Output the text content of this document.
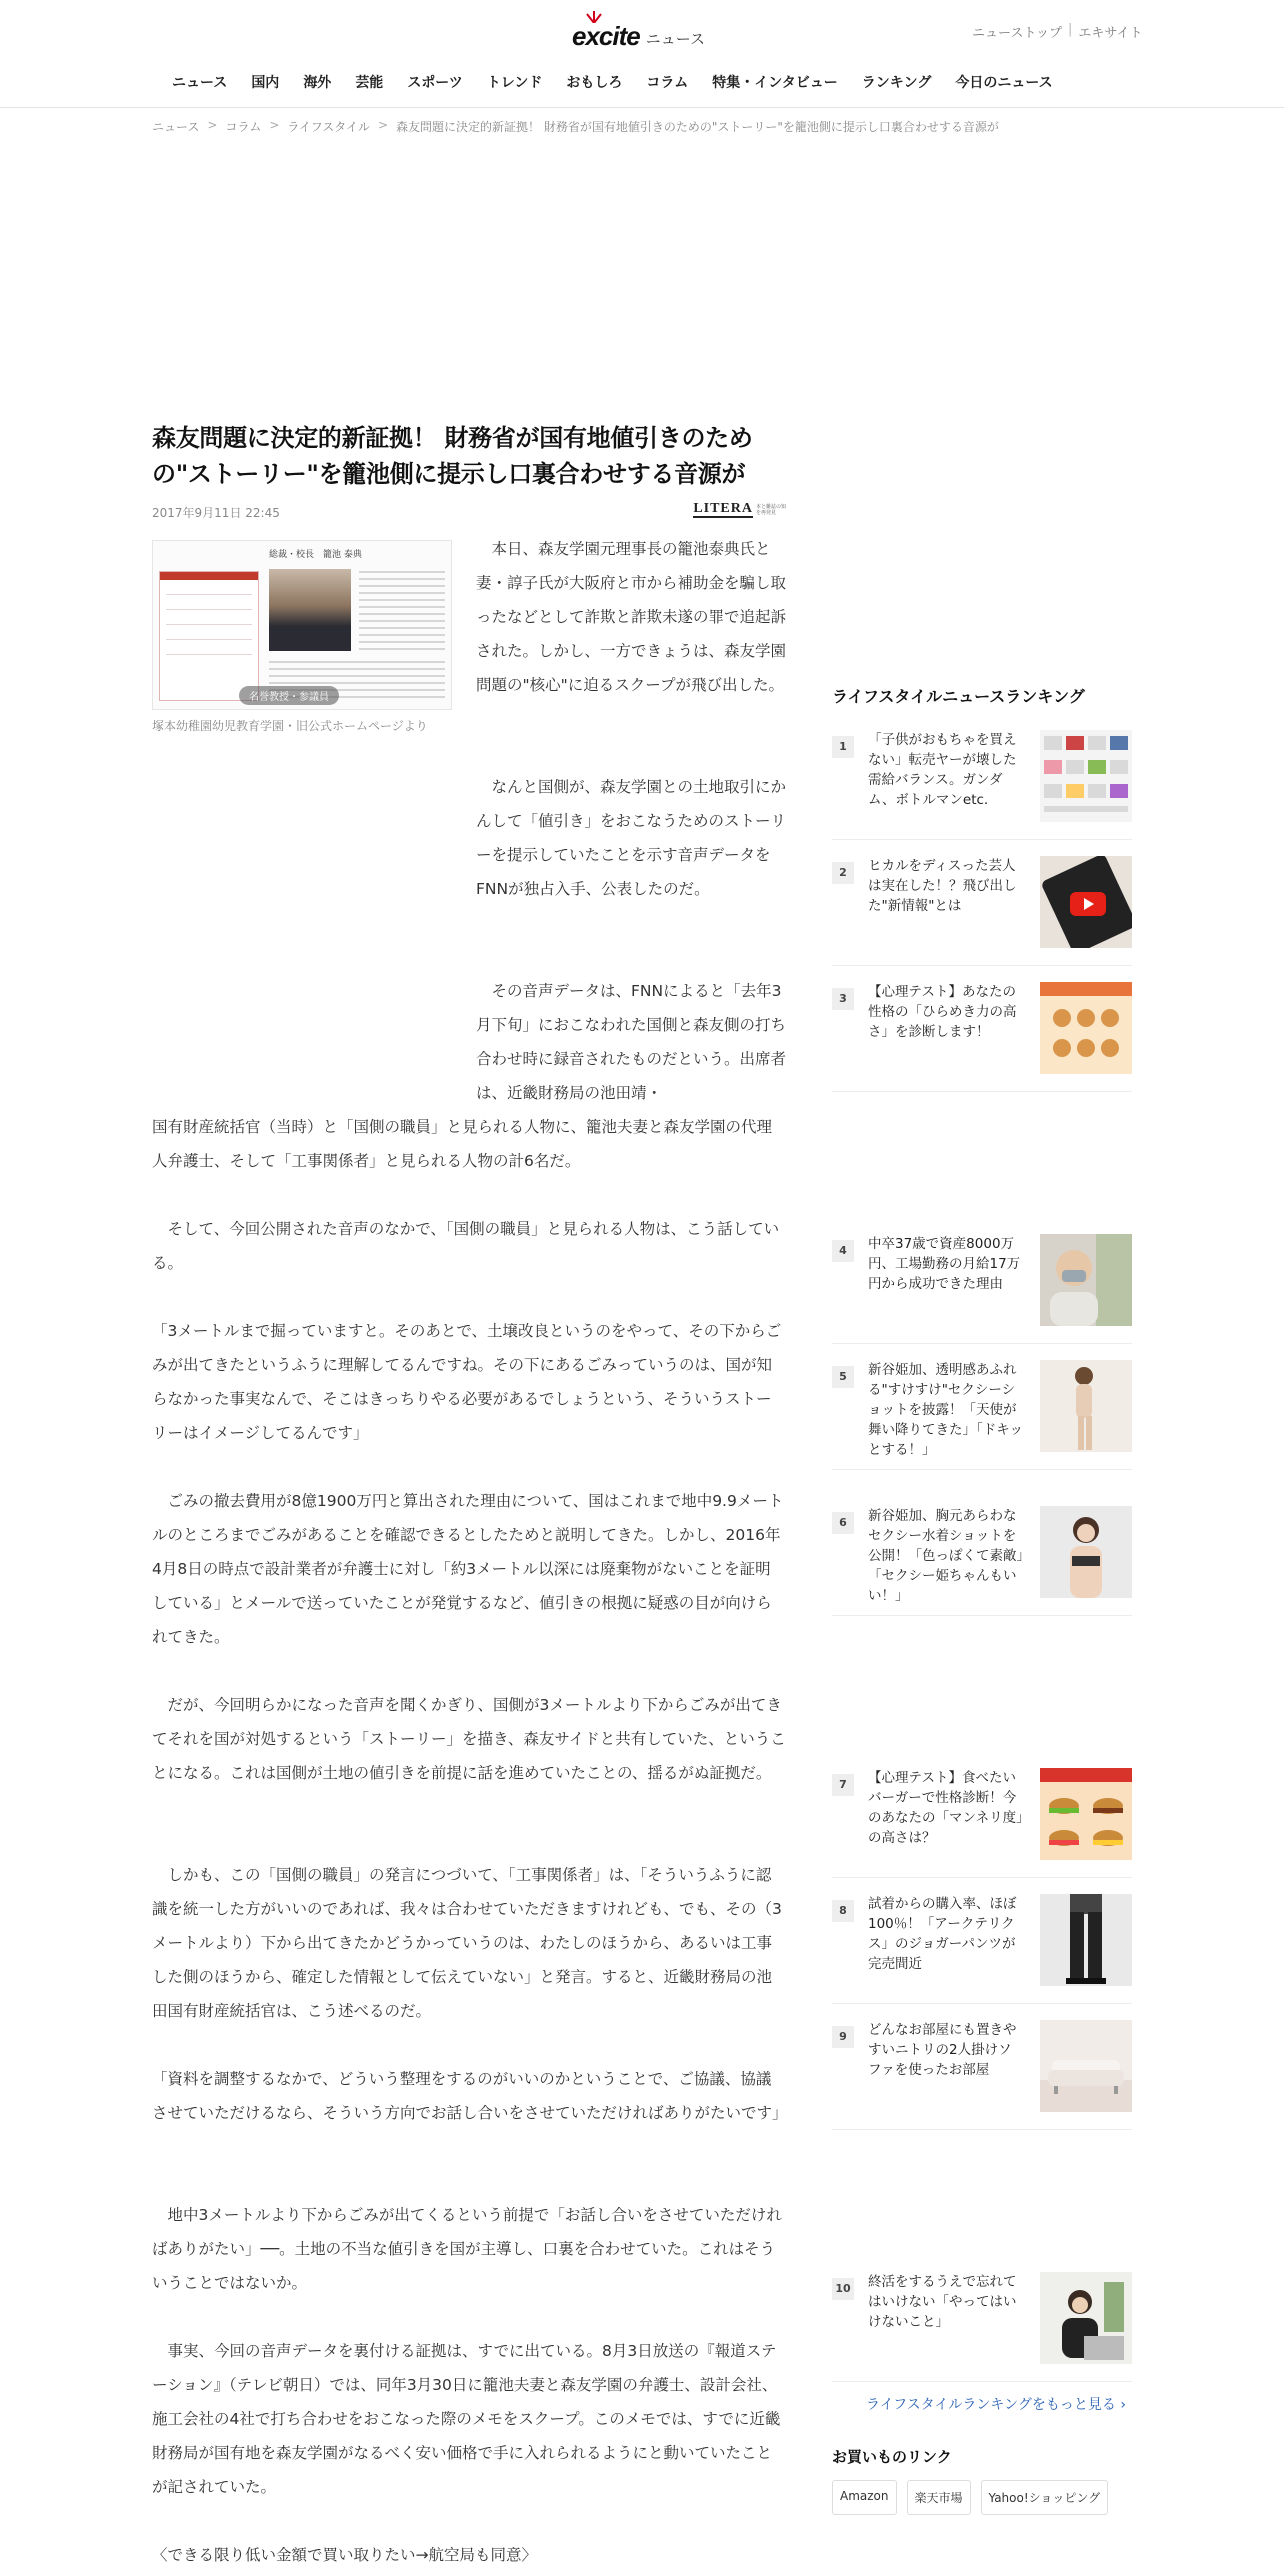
excite ニュース	ニューストップ | エキサイト
ニュース	国内	海外	芸能	スポーツ	トレンド	おもしろ	コラム	特集・インタビュー	ランキング	今日のニュース
ニュース > コラム > ライフスタイル > 森友問題に決定的新証拠！ 財務省が国有地値引きのための"ストーリー"を籠池側に提示し口裏合わせする音源が
森友問題に決定的新証拠！ 財務省が国有地値引きのための"ストーリー"を籠池側に提示し口裏合わせする音源が
2017年9月11日 22:45	LITERA 本と雑誌の知を再発見
総裁・校長　籠池 泰典
名誉教授・参議員
塚本幼稚園幼児教育学園・旧公式ホームページより

　本日、森友学園元理事長の籠池泰典氏と妻・諄子氏が大阪府と市から補助金を騙し取ったなどとして詐欺と詐欺未遂の罪で追起訴された。しかし、一方できょうは、森友学園問題の"核心"に迫るスクープが飛び出した。

　なんと国側が、森友学園との土地取引にかんして「値引き」をおこなうためのストーリーを提示していたことを示す音声データをFNNが独占入手、公表したのだ。

　その音声データは、FNNによると「去年3月下旬」におこなわれた国側と森友側の打ち合わせ時に録音されたものだという。出席者は、近畿財務局の池田靖・

国有財産統括官（当時）と「国側の職員」と見られる人物に、籠池夫妻と森友学園の代理人弁護士、そして「工事関係者」と見られる人物の計6名だ。

　そして、今回公開された音声のなかで、「国側の職員」と見られる人物は、こう話している。

「3メートルまで掘っていますと。そのあとで、土壌改良というのをやって、その下からごみが出てきたというふうに理解してるんですね。その下にあるごみっていうのは、国が知らなかった事実なんで、そこはきっちりやる必要があるでしょうという、そういうストーリーはイメージしてるんです」

　ごみの撤去費用が8億1900万円と算出された理由について、国はこれまで地中9.9メートルのところまでごみがあることを確認できるとしたためと説明してきた。しかし、2016年4月8日の時点で設計業者が弁護士に対し「約3メートル以深には廃棄物がないことを証明している」とメールで送っていたことが発覚するなど、値引きの根拠に疑惑の目が向けられてきた。

　だが、今回明らかになった音声を聞くかぎり、国側が3メートルより下からごみが出てきてそれを国が対処するという「ストーリー」を描き、森友サイドと共有していた、ということになる。これは国側が土地の値引きを前提に話を進めていたことの、揺るがぬ証拠だ。

　しかも、この「国側の職員」の発言につづいて、「工事関係者」は、「そういうふうに認識を統一した方がいいのであれば、我々は合わせていただきますけれども、でも、その（3メートルより）下から出てきたかどうかっていうのは、わたしのほうから、あるいは工事した側のほうから、確定した情報として伝えていない」と発言。すると、近畿財務局の池田国有財産統括官は、こう述べるのだ。

「資料を調整するなかで、どういう整理をするのがいいのかということで、ご協議、協議させていただけるなら、そういう方向でお話し合いをさせていただければありがたいです」

　地中3メートルより下からごみが出てくるという前提で「お話し合いをさせていただければありがたい」──。土地の不当な値引きを国が主導し、口裏を合わせていた。これはそういうことではないか。

　事実、今回の音声データを裏付ける証拠は、すでに出ている。8月3日放送の『報道ステーション』（テレビ朝日）では、同年3月30日に籠池夫妻と森友学園の弁護士、設計会社、施工会社の4社で打ち合わせをおこなった際のメモをスクープ。このメモでは、すでに近畿財務局が国有地を森友学園がなるべく安い価格で手に入れられるようにと動いていたことが記されていた。

〈できる限り低い金額で買い取りたい→航空局も同意〉

ライフスタイルニュースランキング
1	「子供がおもちゃを買えない」転売ヤーが壊した需給バランス。ガンダム、ボトルマンetc.
2	ヒカルをディスった芸人は実在した！？飛び出した"新情報"とは
3	【心理テスト】あなたの性格の「ひらめき力の高さ」を診断します！
4	中卒37歳で資産8000万円、工場勤務の月給17万円から成功できた理由
5	新谷姫加、透明感あふれる"すけすけ"セクシーショットを披露！「天使が舞い降りてきた」「ドキッとする！」
6	新谷姫加、胸元あらわなセクシー水着ショットを公開！「色っぽくて素敵」「セクシー姫ちゃんもいい！」
7	【心理テスト】食べたいバーガーで性格診断！今のあなたの「マンネリ度」の高さは？
8	試着からの購入率、ほぼ100％！「アークテリクス」のジョガーパンツが完売間近
9	どんなお部屋にも置きやすいニトリの2人掛けソファを使ったお部屋
10 終活をするうえで忘れてはいけない「やってはいけないこと」
ライフスタイルランキングをもっと見る ›
お買いものリンク
Amazon	楽天市場	Yahoo!ショッピング
